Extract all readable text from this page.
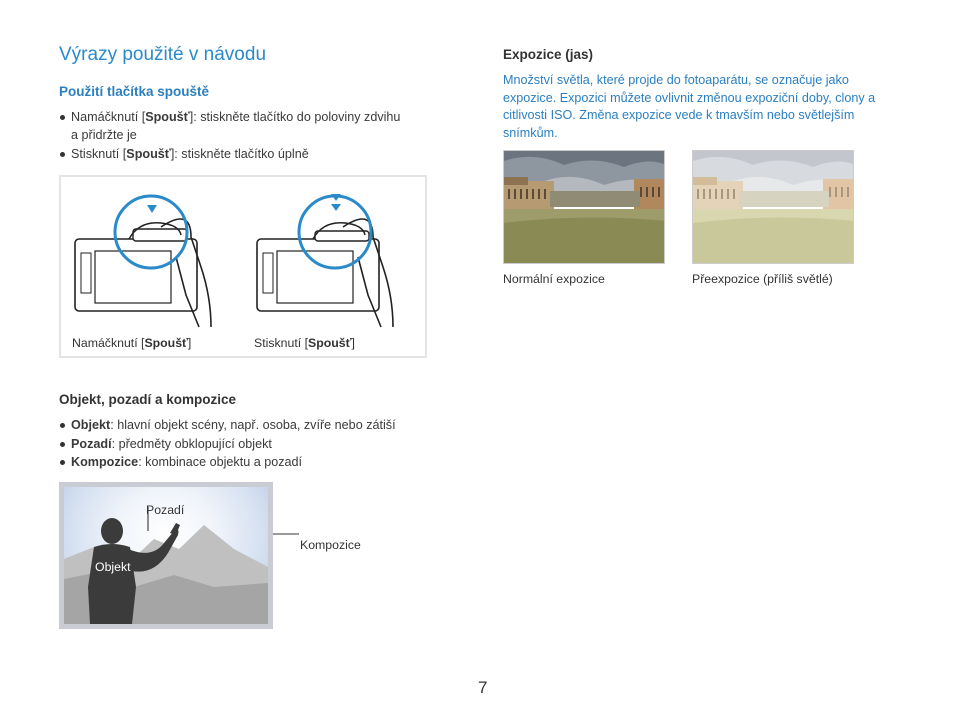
Výrazy použité v návodu
Použití tlačítka spouště
Namáčknutí [Spoušť]: stiskněte tlačítko do poloviny zdvihu a přidržte je
Stisknutí [Spoušť]: stiskněte tlačítko úplně
Namáčknutí [Spoušť]	Stisknutí [Spoušť]
Expozice (jas)
Množství světla, které projde do fotoaparátu, se označuje jako expozice. Expozici můžete ovlivnit změnou expoziční doby, clony a citlivosti ISO. Změna expozice vede k tmavším nebo světlejším snímkům.
Normální expozice	Přeexpozice (příliš světlé)
Objekt, pozadí a kompozice
Objekt: hlavní objekt scény, např. osoba, zvíře nebo zátiší
Pozadí: předměty obklopující objekt
Kompozice: kombinace objektu a pozadí
Pozadí
Objekt
Kompozice
7
